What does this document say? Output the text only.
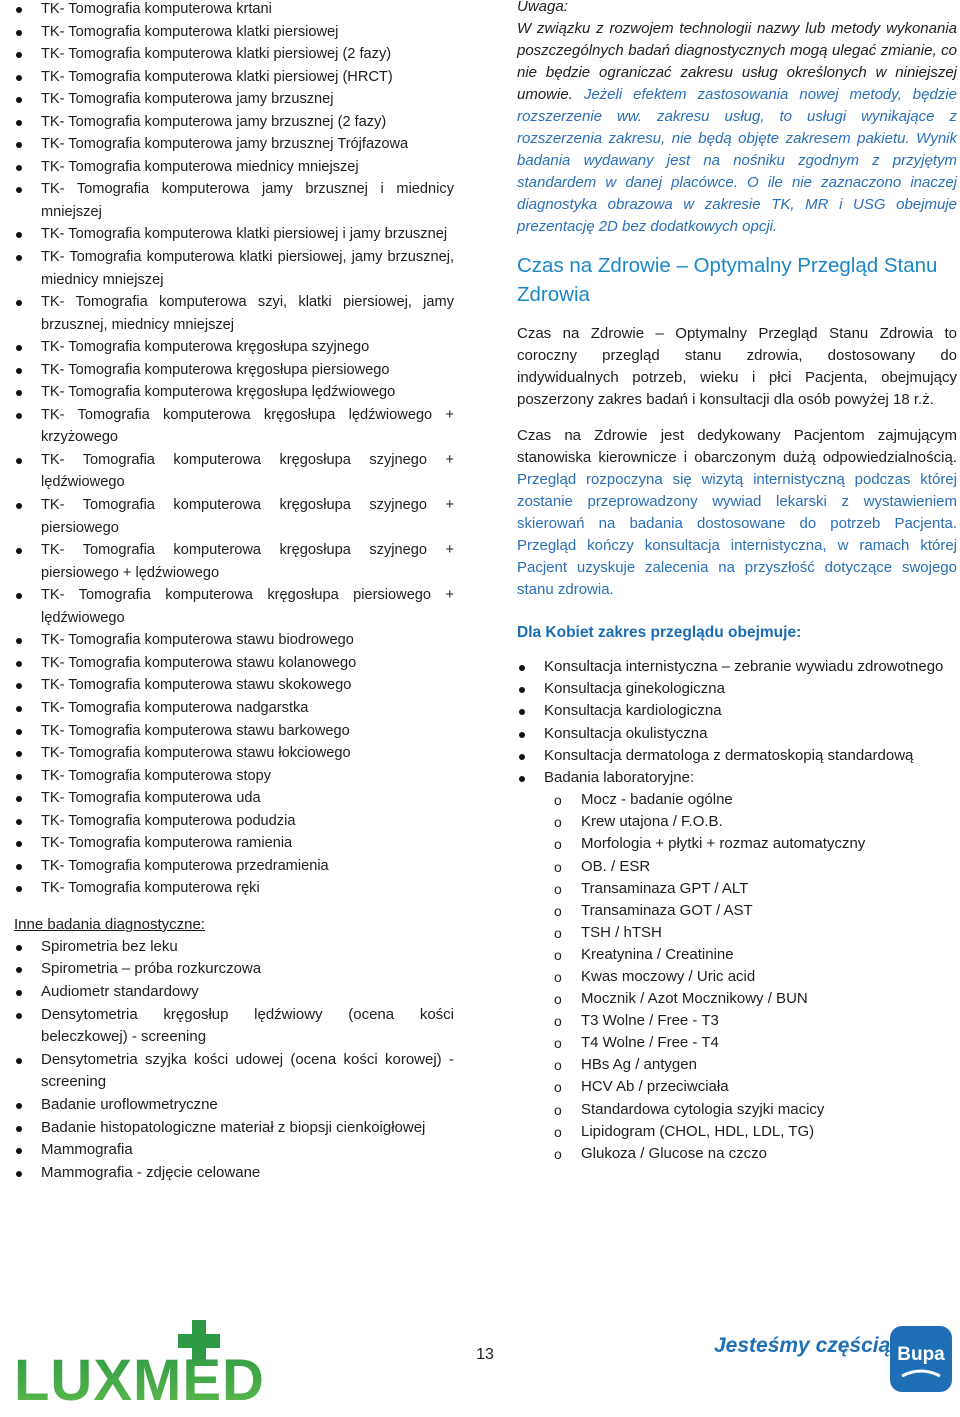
TK- Tomografia komputerowa krtani
TK- Tomografia komputerowa klatki piersiowej
TK- Tomografia komputerowa klatki piersiowej (2 fazy)
TK- Tomografia komputerowa klatki piersiowej (HRCT)
TK- Tomografia komputerowa jamy brzusznej
TK- Tomografia komputerowa jamy brzusznej (2 fazy)
TK- Tomografia komputerowa jamy brzusznej Trójfazowa
TK- Tomografia komputerowa miednicy mniejszej
TK- Tomografia komputerowa jamy brzusznej i miednicy mniejszej
TK- Tomografia komputerowa klatki piersiowej i jamy brzusznej
TK- Tomografia komputerowa klatki piersiowej, jamy brzusznej, miednicy mniejszej
TK- Tomografia komputerowa szyi, klatki piersiowej, jamy brzusznej, miednicy mniejszej
TK- Tomografia komputerowa kręgosłupa szyjnego
TK- Tomografia komputerowa kręgosłupa piersiowego
TK- Tomografia komputerowa kręgosłupa lędźwiowego
TK- Tomografia komputerowa kręgosłupa lędźwiowego + krzyżowego
TK- Tomografia komputerowa kręgosłupa szyjnego + lędźwiowego
TK- Tomografia komputerowa kręgosłupa szyjnego + piersiowego
TK- Tomografia komputerowa kręgosłupa szyjnego + piersiowego + lędźwiowego
TK- Tomografia komputerowa kręgosłupa piersiowego + lędźwiowego
TK- Tomografia komputerowa stawu biodrowego
TK- Tomografia komputerowa stawu kolanowego
TK- Tomografia komputerowa stawu skokowego
TK- Tomografia komputerowa nadgarstka
TK- Tomografia komputerowa stawu barkowego
TK- Tomografia komputerowa stawu łokciowego
TK- Tomografia komputerowa stopy
TK- Tomografia komputerowa uda
TK- Tomografia komputerowa podudzia
TK- Tomografia komputerowa ramienia
TK- Tomografia komputerowa przedramienia
TK- Tomografia komputerowa ręki
Inne badania diagnostyczne:
Spirometria bez leku
Spirometria – próba rozkurczowa
Audiometr standardowy
Densytometria kręgosłup lędźwiowy (ocena kości beleczkowej) - screening
Densytometria szyjka kości udowej (ocena kości korowej) - screening
Badanie uroflowmetryczne
Badanie histopatologiczne materiał z biopsji cienkoigłowej
Mammografia
Mammografia - zdjęcie celowane
Uwaga:
W związku z rozwojem technologii nazwy lub metody wykonania poszczególnych badań diagnostycznych mogą ulegać zmianie, co nie będzie ograniczać zakresu usług określonych w niniejszej umowie. Jeżeli efektem zastosowania nowej metody, będzie rozszerzenie ww. zakresu usług, to usługi wynikające z rozszerzenia zakresu, nie będą objęte zakresem pakietu. Wynik badania wydawany jest na nośniku zgodnym z przyjętym standardem w danej placówce. O ile nie zaznaczono inaczej diagnostyka obrazowa w zakresie TK, MR i USG obejmuje prezentację 2D bez dodatkowych opcji.
Czas na Zdrowie – Optymalny Przegląd Stanu Zdrowia
Czas na Zdrowie – Optymalny Przegląd Stanu Zdrowia to coroczny przegląd stanu zdrowia, dostosowany do indywidualnych potrzeb, wieku i płci Pacjenta, obejmujący poszerzony zakres badań i konsultacji dla osób powyżej 18 r.ż.
Czas na Zdrowie jest dedykowany Pacjentom zajmującym stanowiska kierownicze i obarczonym dużą odpowiedzialnością. Przegląd rozpoczyna się wizytą internistyczną podczas której zostanie przeprowadzony wywiad lekarski z wystawieniem skierowań na badania dostosowane do potrzeb Pacjenta. Przegląd kończy konsultacja internistyczna, w ramach której Pacjent uzyskuje zalecenia na przyszłość dotyczące swojego stanu zdrowia.
Dla Kobiet zakres przeglądu obejmuje:
Konsultacja internistyczna – zebranie wywiadu zdrowotnego
Konsultacja ginekologiczna
Konsultacja kardiologiczna
Konsultacja okulistyczna
Konsultacja dermatologa z dermatoskopią standardową
Badania laboratoryjne:
o Mocz - badanie ogólne
o Krew utajona / F.O.B.
o Morfologia + płytki + rozmaz automatyczny
o OB. / ESR
o Transaminaza GPT / ALT
o Transaminaza GOT / AST
o TSH / hTSH
o Kreatynina / Creatinine
o Kwas moczowy / Uric acid
o Mocznik / Azot Mocznikowy / BUN
o T3 Wolne / Free - T3
o T4 Wolne / Free - T4
o HBs Ag / antygen
o HCV Ab / przeciwciała
o Standardowa cytologia szyjki macicy
o Lipidogram (CHOL, HDL, LDL, TG)
o Glukoza / Glucose na czczo
13
LUXMED
Jesteśmy częścią Bupa
